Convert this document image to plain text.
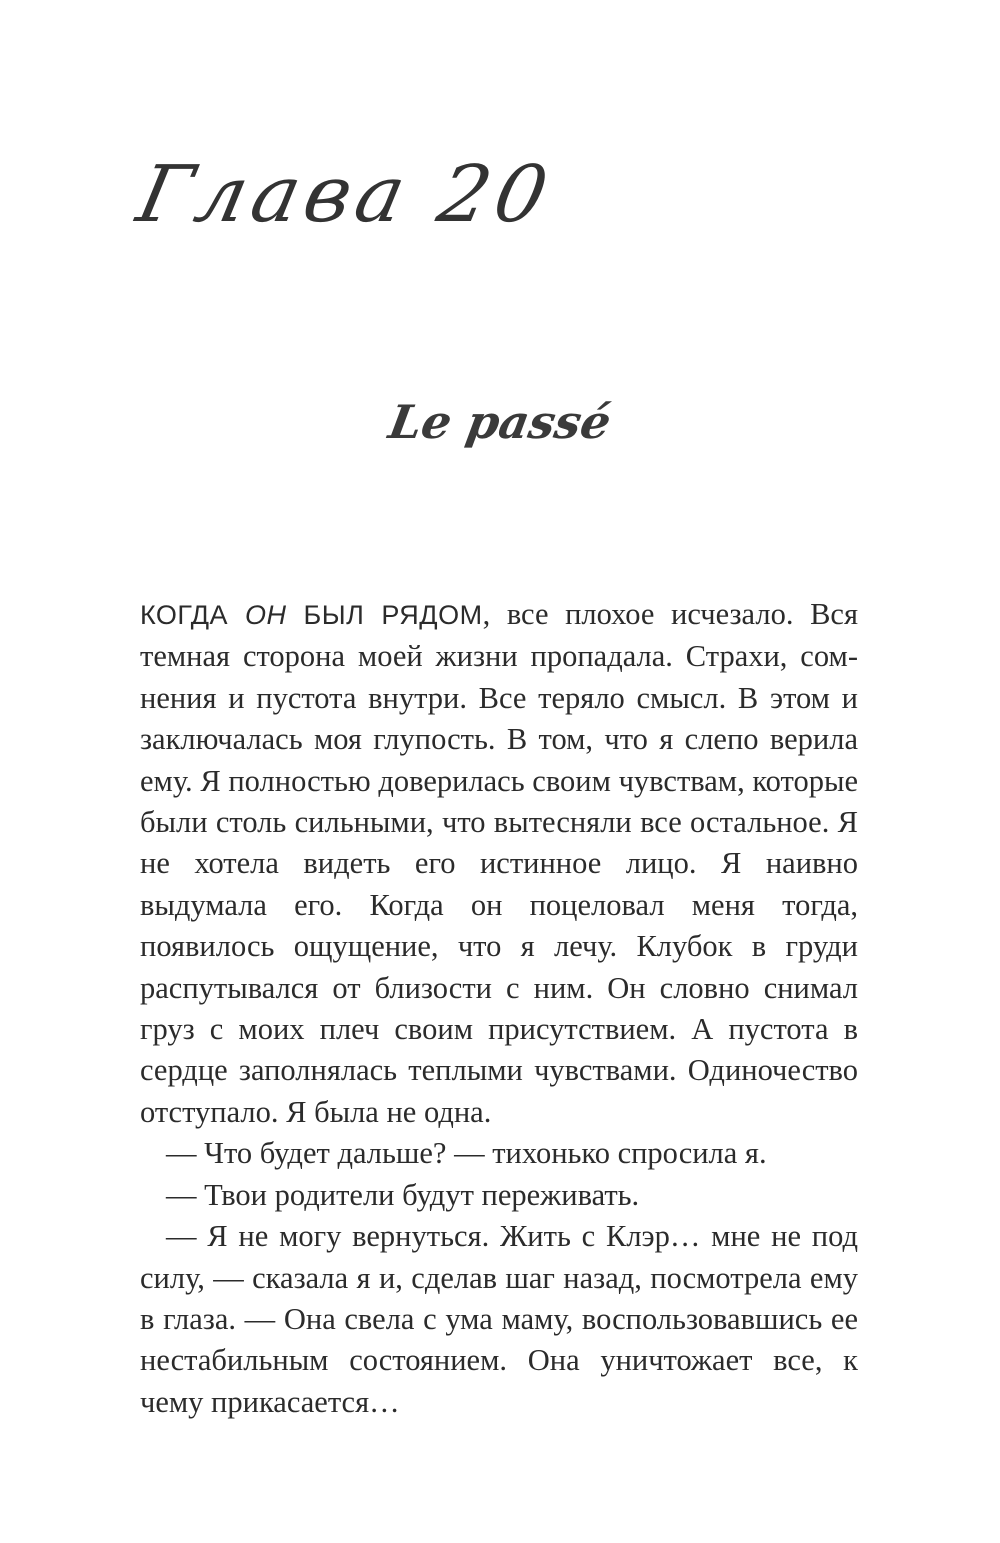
Глава 20
Le passé

КОГДА ОН БЫЛ РЯДОМ, все плохое исчезало. Вся темная сторона моей жизни пропадала. Страхи, сомнения и пустота внутри. Все теряло смысл. В этом и заключалась моя глупость. В том, что я слепо верила ему. Я полностью доверилась своим чувствам, которые были столь сильными, что вытесняли все остальное. Я не хотела видеть его истинное лицо. Я наивно выдумала его. Когда он поцеловал меня тогда, появилось ощущение, что я лечу. Клубок в груди распутывался от близости с ним. Он словно снимал груз с моих плеч своим присутствием. А пустота в сердце заполнялась теплыми чувствами. Одиночество отступало. Я была не одна.

— Что будет дальше? — тихонько спросила я.

— Твои родители будут переживать.

— Я не могу вернуться. Жить с Клэр… мне не под силу, — сказала я и, сделав шаг назад, посмотрела ему в глаза. — Она свела с ума маму, воспользовавшись ее нестабильным состоянием. Она уничтожает все, к чему прикасается…
